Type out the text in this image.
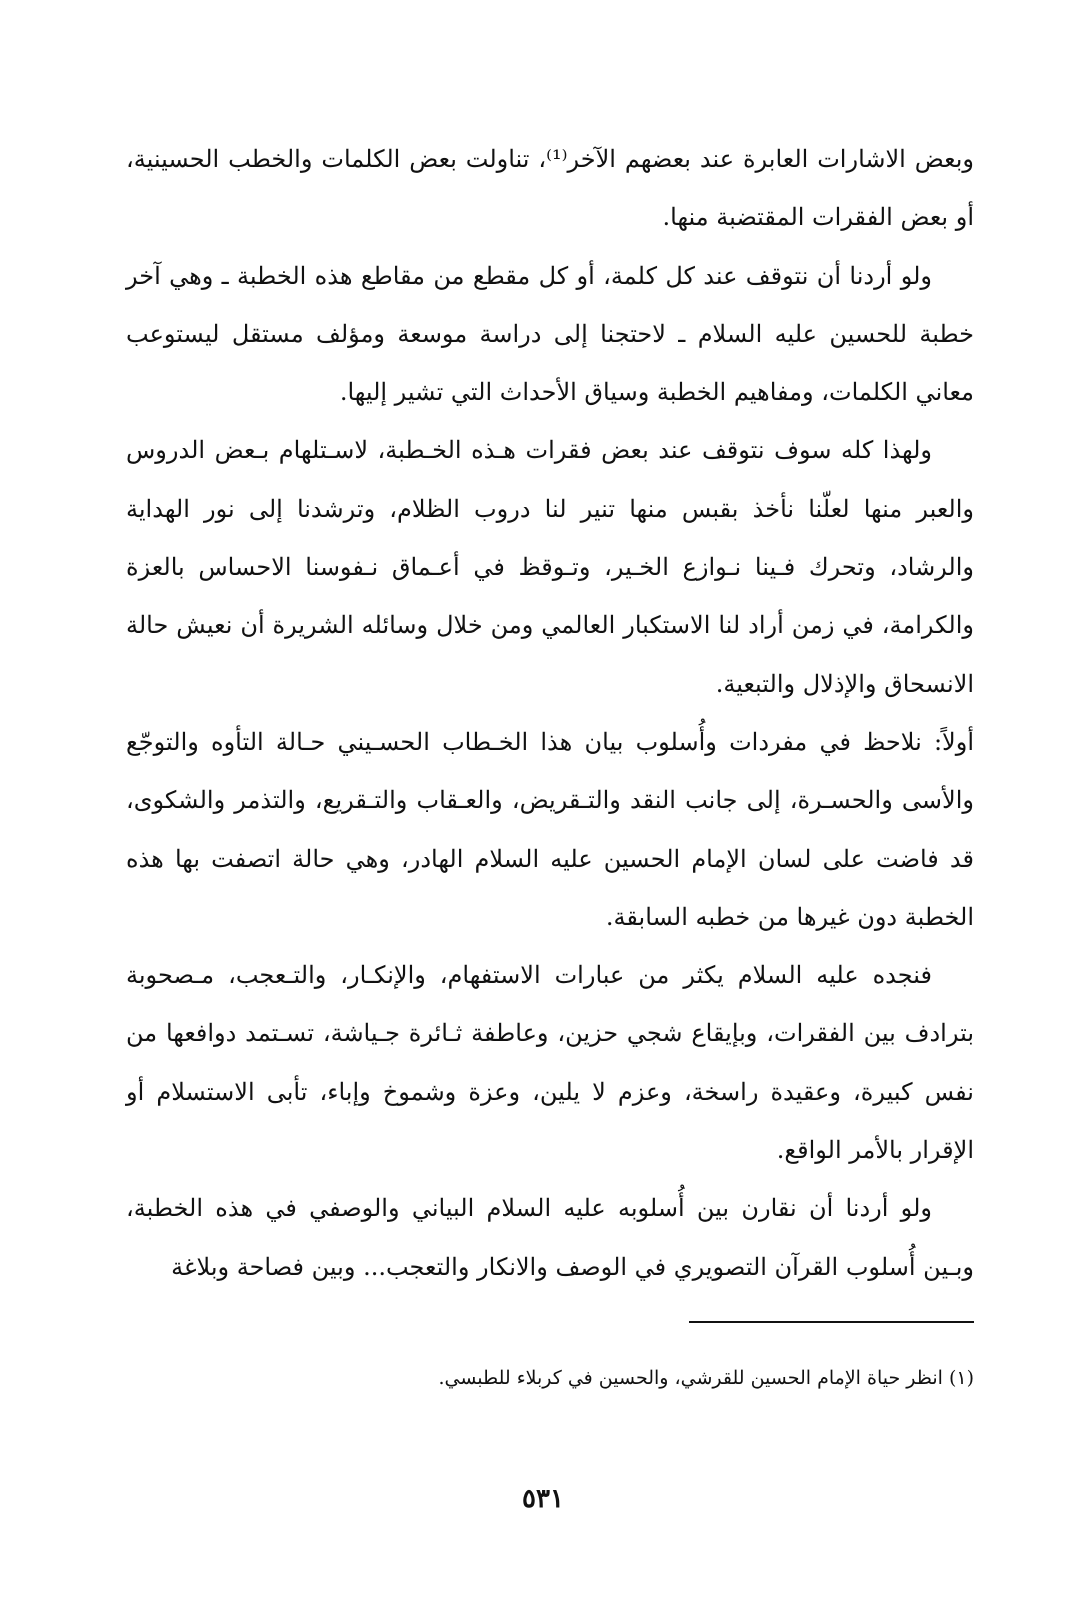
وبعض الاشارات العابرة عند بعضهم الآخر⁽¹⁾، تناولت بعض الكلمات والخطب الحسينية، أو بعض الفقرات المقتضبة منها.

ولو أردنا أن نتوقف عند كل كلمة، أو كل مقطع من مقاطع هذه الخطبة ـ وهي آخر خطبة للحسين عليه السلام ـ لاحتجنا إلى دراسة موسعة ومؤلف مستقل ليستوعب معاني الكلمات، ومفاهيم الخطبة وسياق الأحداث التي تشير إليها.

ولهذا كله سوف نتوقف عند بعض فقرات هـذه الخـطبة، لاسـتلهام بـعض الدروس والعبر منها لعلّنا نأخذ بقبس منها تنير لنا دروب الظلام، وترشدنا إلى نور الهداية والرشاد، وتحرك فـينا نـوازع الخـير، وتـوقظ في أعـماق نـفوسنا الاحساس بالعزة والكرامة، في زمن أراد لنا الاستكبار العالمي ومن خلال وسائله الشريرة أن نعيش حالة الانسحاق والإذلال والتبعية.

أولاً: نلاحظ في مفردات وأُسلوب بيان هذا الخـطاب الحسـيني حـالة التأوه والتوجّع والأسى والحسـرة، إلى جانب النقد والتـقريض، والعـقاب والتـقريع، والتذمر والشكوى، قد فاضت على لسان الإمام الحسين عليه السلام الهادر، وهي حالة اتصفت بها هذه الخطبة دون غيرها من خطبه السابقة.

فنجده عليه السلام يكثر من عبارات الاستفهام، والإنكـار، والتـعجب، مـصحوبة بترادف بين الفقرات، وبإيقاع شجي حزين، وعاطفة ثـائرة جـياشة، تسـتمد دوافعها من نفس كبيرة، وعقيدة راسخة، وعزم لا يلين، وعزة وشموخ وإباء، تأبى الاستسلام أو الإقرار بالأمر الواقع.

ولو أردنا أن نقارن بين أُسلوبه عليه السلام البياني والوصفي في هذه الخطبة، وبـين أُسلوب القرآن التصويري في الوصف والانكار والتعجب... وبين فصاحة وبلاغة

(١) انظر حياة الإمام الحسين للقرشي، والحسين في كربلاء للطبسي.
٥٣١
